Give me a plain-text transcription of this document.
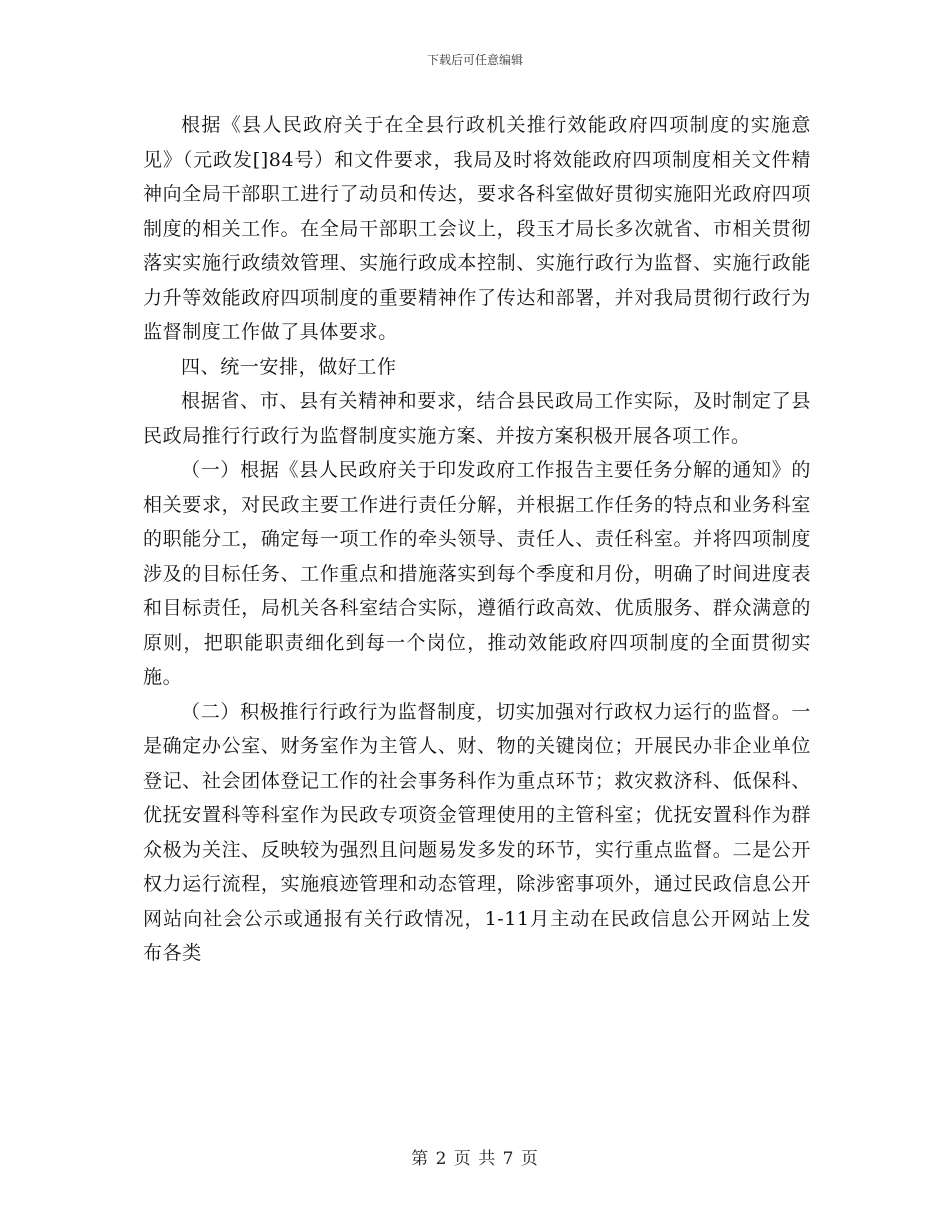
下载后可任意编辑

根据《县人民政府关于在全县行政机关推行效能政府四项制度的实施意见》（元政发[]84号）和文件要求，我局及时将效能政府四项制度相关文件精神向全局干部职工进行了动员和传达，要求各科室做好贯彻实施阳光政府四项制度的相关工作。在全局干部职工会议上，段玉才局长多次就省、市相关贯彻落实实施行政绩效管理、实施行政成本控制、实施行政行为监督、实施行政能力升等效能政府四项制度的重要精神作了传达和部署，并对我局贯彻行政行为监督制度工作做了具体要求。

四、统一安排，做好工作

根据省、市、县有关精神和要求，结合县民政局工作实际，及时制定了县民政局推行行政行为监督制度实施方案、并按方案积极开展各项工作。

（一）根据《县人民政府关于印发政府工作报告主要任务分解的通知》的相关要求，对民政主要工作进行责任分解，并根据工作任务的特点和业务科室的职能分工，确定每一项工作的牵头领导、责任人、责任科室。并将四项制度涉及的目标任务、工作重点和措施落实到每个季度和月份，明确了时间进度表和目标责任，局机关各科室结合实际，遵循行政高效、优质服务、群众满意的原则，把职能职责细化到每一个岗位，推动效能政府四项制度的全面贯彻实施。

（二）积极推行行政行为监督制度，切实加强对行政权力运行的监督。一是确定办公室、财务室作为主管人、财、物的关键岗位；开展民办非企业单位登记、社会团体登记工作的社会事务科作为重点环节；救灾救济科、低保科、优抚安置科等科室作为民政专项资金管理使用的主管科室；优抚安置科作为群众极为关注、反映较为强烈且问题易发多发的环节，实行重点监督。二是公开权力运行流程，实施痕迹管理和动态管理，除涉密事项外，通过民政信息公开网站向社会公示或通报有关行政情况，1-11月主动在民政信息公开网站上发布各类

第 2 页 共 7 页
